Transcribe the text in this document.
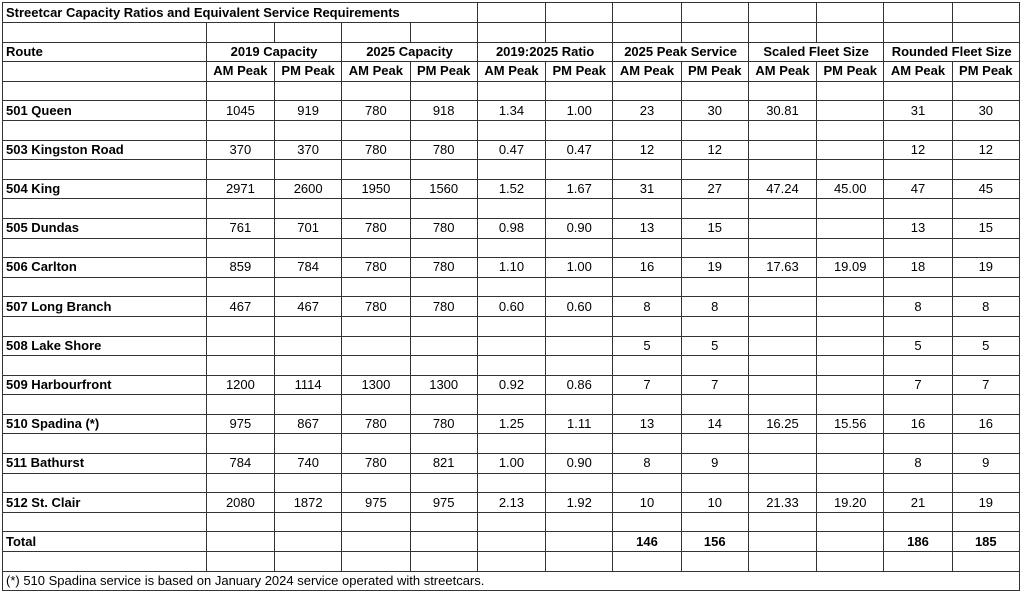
Streetcar Capacity Ratios and Equivalent Service Requirements												

Route	2019 Capacity		2025 Capacity		2019:2025 Ratio		2025 Peak Service		Scaled Fleet Size		Rounded Fleet Size	
	AM Peak	PM Peak	AM Peak	PM Peak	AM Peak	PM Peak	AM Peak	PM Peak	AM Peak	PM Peak	AM Peak	PM Peak

501 Queen	1045	919	780	918	1.34	1.00	23	30	30.81		31	30

503 Kingston Road	370	370	780	780	0.47	0.47	12	12			12	12

504 King	2971	2600	1950	1560	1.52	1.67	31	27	47.24	45.00	47	45

505 Dundas	761	701	780	780	0.98	0.90	13	15			13	15

506 Carlton	859	784	780	780	1.10	1.00	16	19	17.63	19.09	18	19

507 Long Branch	467	467	780	780	0.60	0.60	8	8			8	8

508 Lake Shore							5	5			5	5

509 Harbourfront	1200	1114	1300	1300	0.92	0.86	7	7			7	7

510 Spadina (*)	975	867	780	780	1.25	1.11	13	14	16.25	15.56	16	16

511 Bathurst	784	740	780	821	1.00	0.90	8	9			8	9

512 St. Clair	2080	1872	975	975	2.13	1.92	10	10	21.33	19.20	21	19

Total							146	156			186	185

(*) 510 Spadina service is based on January 2024 service operated with streetcars.												
